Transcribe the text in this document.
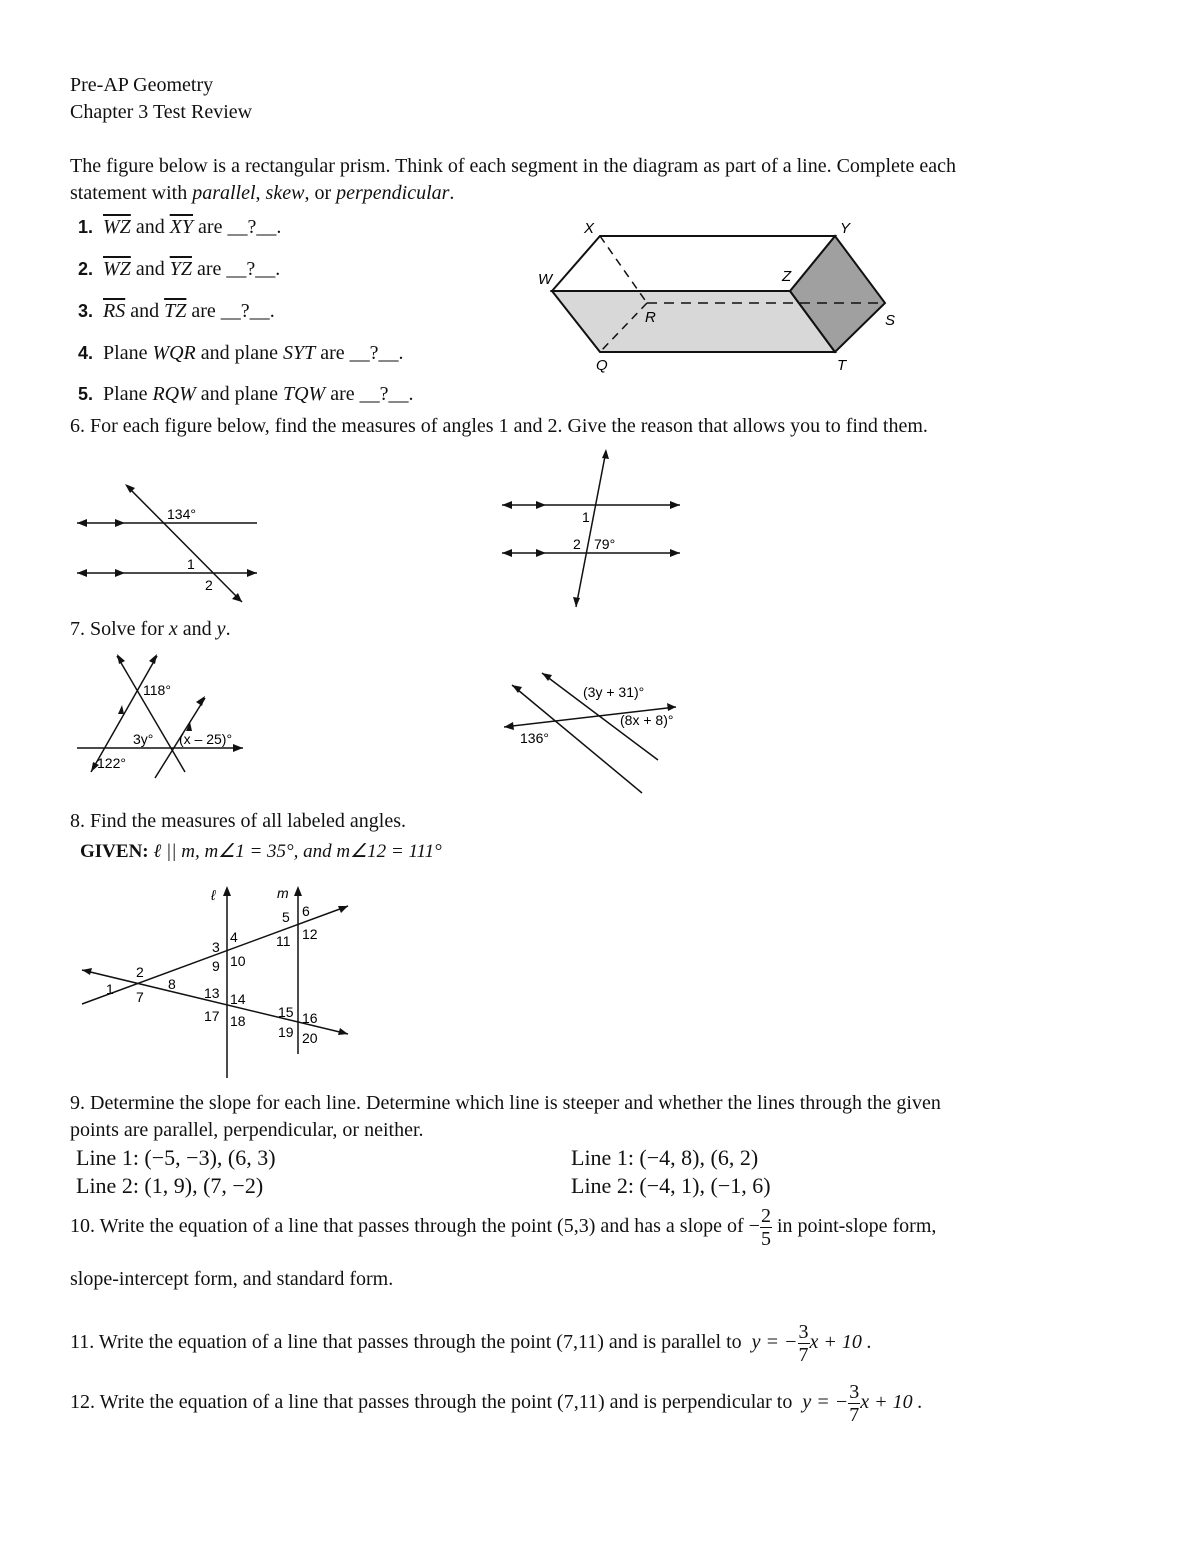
Pre-AP Geometry
Chapter 3 Test Review
The figure below is a rectangular prism. Think of each segment in the diagram as part of a line. Complete each
statement with parallel, skew, or perpendicular.
1. $\overline{WZ}$ and $\overline{XY}$ are __?__.
2. $\overline{WZ}$ and $\overline{YZ}$ are __?__.
3. $\overline{RS}$ and $\overline{TZ}$ are __?__.
4. Plane WQR and plane SYT are __?__.
5. Plane RQW and plane TQW are __?__.
X	Y
W	Z
R	S
Q	T
6. For each figure below, find the measures of angles 1 and 2. Give the reason that allows you to find them.
134°
1
2
1
2 79°
7. Solve for x and y.
118°
3y° (x – 25)°
122°
(3y + 31)°
(8x + 8)°
136°
8. Find the measures of all labeled angles.
GIVEN: ℓ || m, m∠1 = 35°, and m∠12 = 111°
ℓ	m
1
2
3
4
5 6
7
8
9 10
11 12
13 14
15 16
17 18
19 20
9. Determine the slope for each line. Determine which line is steeper and whether the lines through the given
points are parallel, perpendicular, or neither.
Line 1: (−5, −3), (6, 3)
Line 2: (1, 9), (7, −2)
Line 1: (−4, 8), (6, 2)
Line 2: (−4, 1), (−1, 6)
10. Write the equation of a line that passes through the point (5,3) and has a slope of − $\frac{2}{5}$ in point-slope form,
slope-intercept form, and standard form.
11. Write the equation of a line that passes through the point (7,11) and is parallel to y = − $\frac{3}{7}$ x + 10 .
12. Write the equation of a line that passes through the point (7,11) and is perpendicular to y = − $\frac{3}{7}$ x + 10 .
